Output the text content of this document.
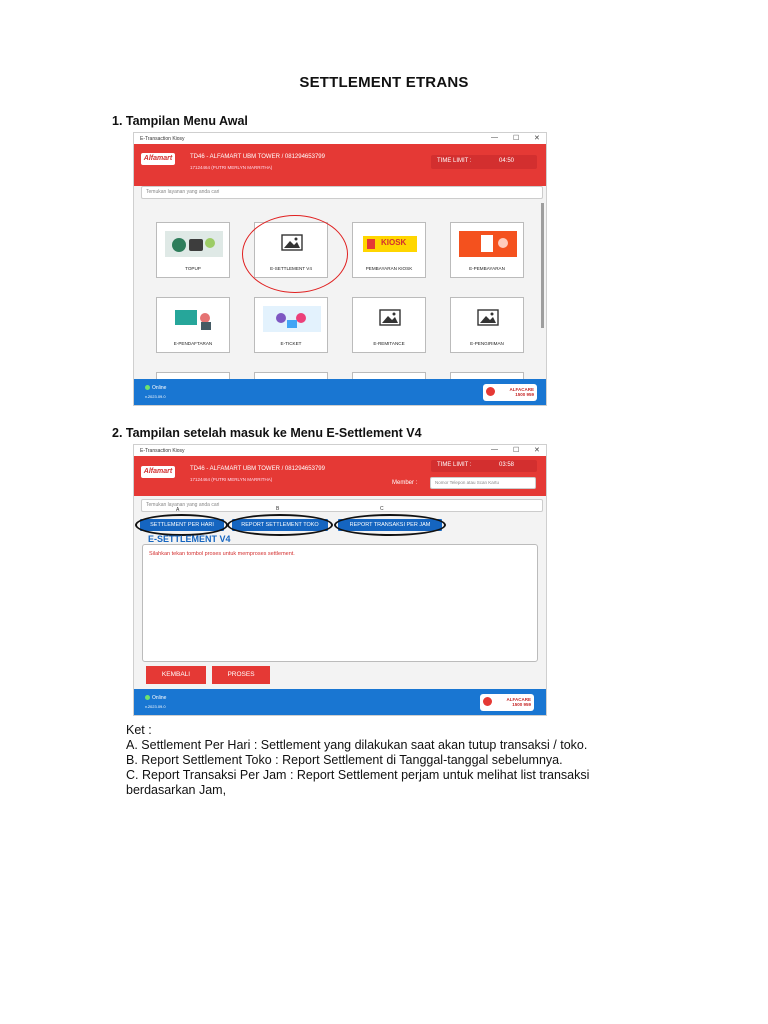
SETTLEMENT ETRANS
1. Tampilan Menu Awal
E-Transaction Kiosy	— ☐ ✕
Alfamart	TD46 - ALFAMART UBM TOWER / 081294653799
17124464 (PUTRI MERLYN MARRITHA)
TIME LIMIT :	04:50
Temukan layanan yang anda cari
TOPUP	E-SETTLEMENT V4
KIOSK
PEMBAYARAN KIOSK	E-PEMBAYARAN
E-PENDAFTARAN	E-TICKET	E-REMITANCE	E-PENGIRIMAN
Online
v.2023.09.0
ALFACARE
1500 959
2. Tampilan setelah masuk ke Menu E-Settlement V4
E-Transaction Kiosy	— ☐ ✕
Alfamart	TD46 - ALFAMART UBM TOWER / 081294653799
17124464 (PUTRI MERLYN MARRITHA)
TIME LIMIT :	03:58
Member :	Nomor Telepon atau Scan Kartu
Temukan layanan yang anda cari
A	B	C
SETTLEMENT PER HARI	REPORT SETTLEMENT TOKO	REPORT TRANSAKSI PER JAM
E-SETTLEMENT V4
Silahkan tekan tombol proses untuk memproses settlement.
KEMBALI	PROSES
Online
v.2023.09.0
ALFACARE
1500 959
Ket :
A. Settlement Per Hari : Settlement yang dilakukan saat akan tutup transaksi / toko.
B. Report Settlement Toko : Report Settlement di Tanggal-tanggal sebelumnya.
C. Report Transaksi Per Jam : Report Settlement perjam untuk melihat list transaksi
berdasarkan Jam,
